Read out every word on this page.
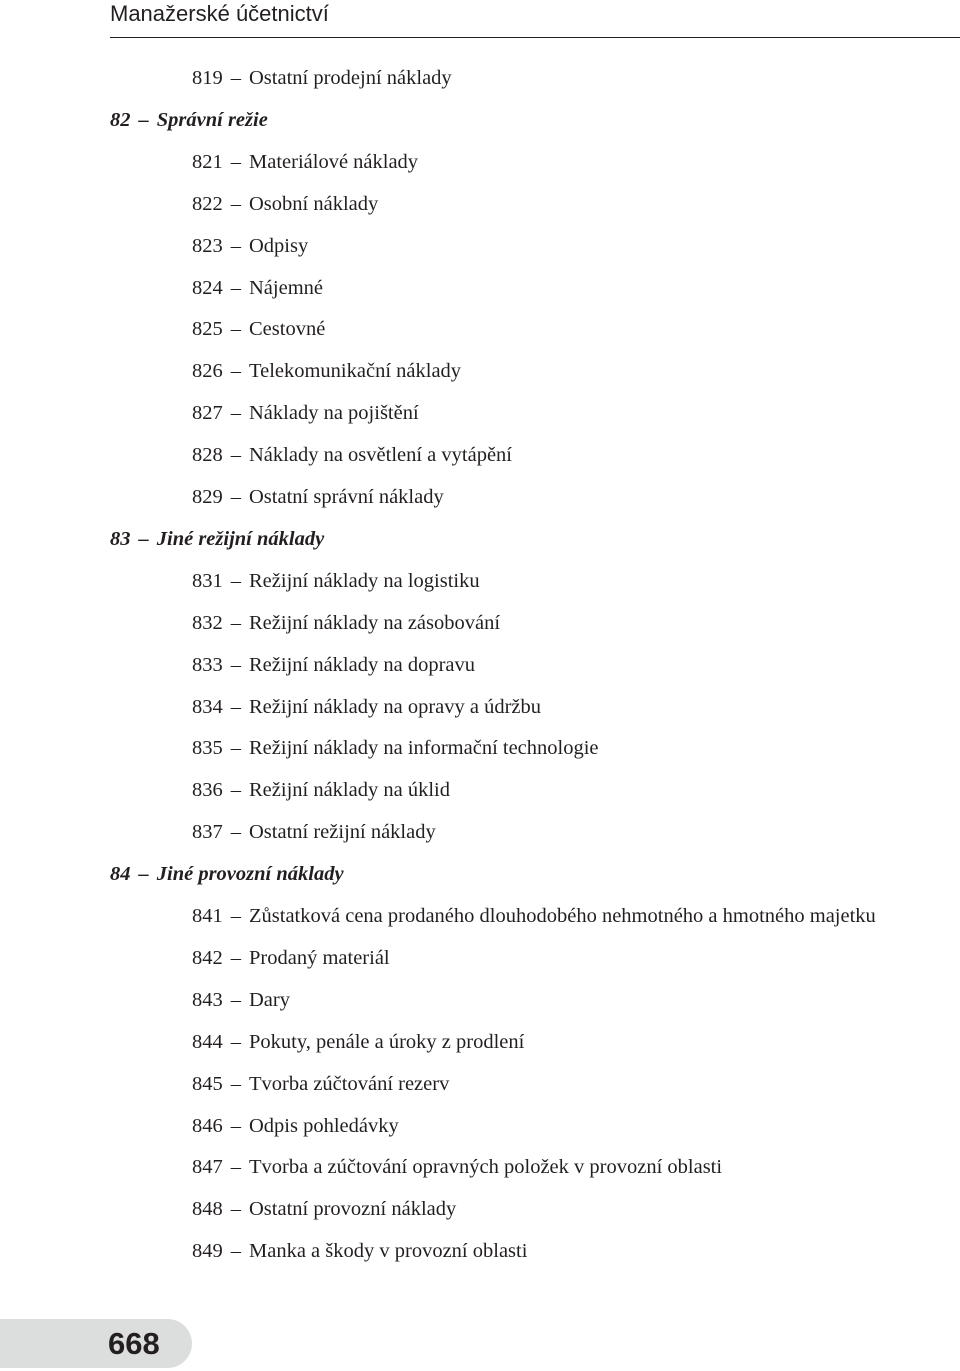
Manažerské účetnictví
819 – Ostatní prodejní náklady
82 – Správní režie
821 – Materiálové náklady
822 – Osobní náklady
823 – Odpisy
824 – Nájemné
825 – Cestovné
826 – Telekomunikační náklady
827 – Náklady na pojištění
828 – Náklady na osvětlení a vytápění
829 – Ostatní správní náklady
83 – Jiné režijní náklady
831 – Režijní náklady na logistiku
832 – Režijní náklady na zásobování
833 – Režijní náklady na dopravu
834 – Režijní náklady na opravy a údržbu
835 – Režijní náklady na informační technologie
836 – Režijní náklady na úklid
837 – Ostatní režijní náklady
84 – Jiné provozní náklady
841 – Zůstatková cena prodaného dlouhodobého nehmotného a hmotného majetku
842 – Prodaný materiál
843 – Dary
844 – Pokuty, penále a úroky z prodlení
845 – Tvorba zúčtování rezerv
846 – Odpis pohledávky
847 – Tvorba a zúčtování opravných položek v provozní oblasti
848 – Ostatní provozní náklady
849 – Manka a škody v provozní oblasti
668
